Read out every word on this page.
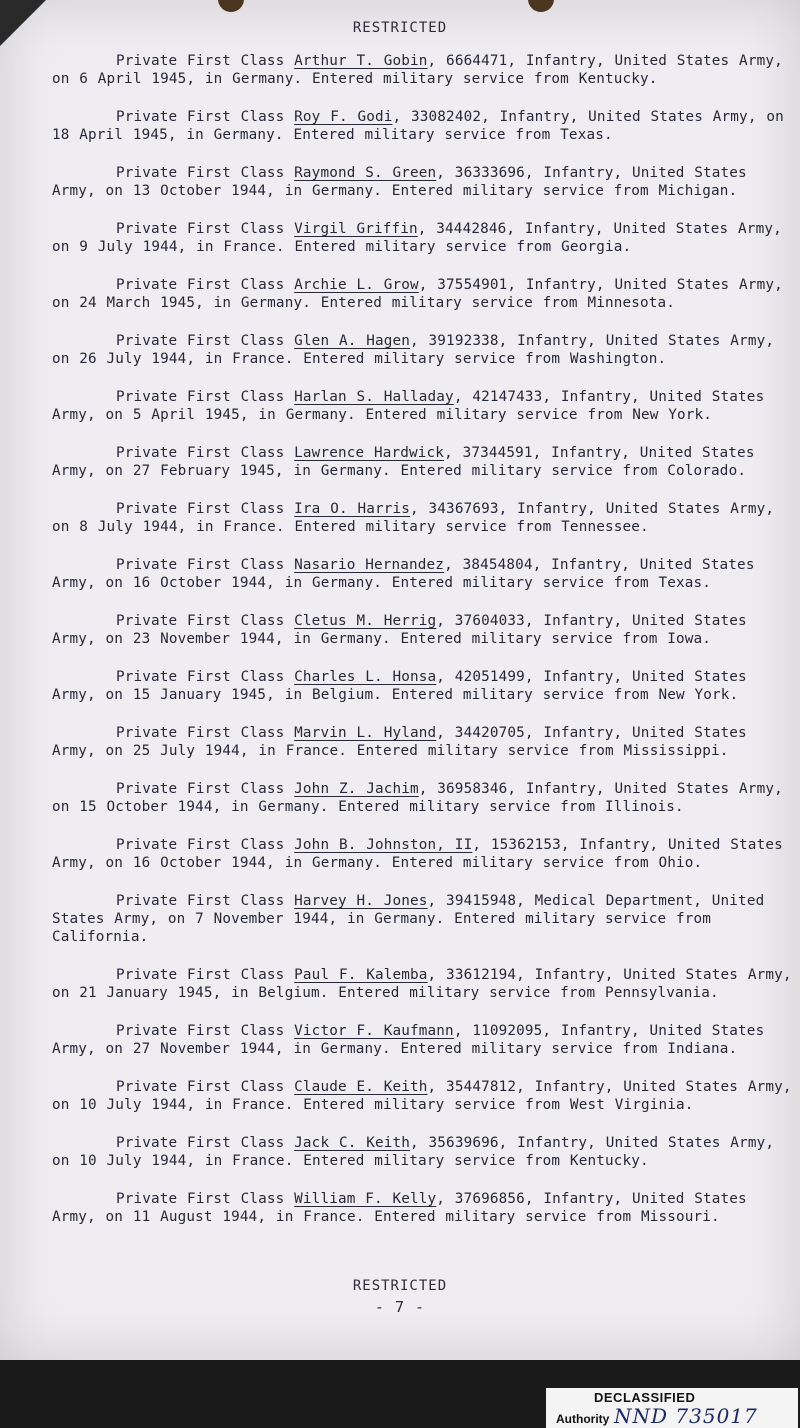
RESTRICTED
Private First Class Arthur T. Gobin, 6664471, Infantry, United States Army, on 6 April 1945, in Germany. Entered military service from Kentucky.
Private First Class Roy F. Godi, 33082402, Infantry, United States Army, on 18 April 1945, in Germany. Entered military service from Texas.
Private First Class Raymond S. Green, 36333696, Infantry, United States Army, on 13 October 1944, in Germany. Entered military service from Michigan.
Private First Class Virgil Griffin, 34442846, Infantry, United States Army, on 9 July 1944, in France. Entered military service from Georgia.
Private First Class Archie L. Grow, 37554901, Infantry, United States Army, on 24 March 1945, in Germany. Entered military service from Minnesota.
Private First Class Glen A. Hagen, 39192338, Infantry, United States Army, on 26 July 1944, in France. Entered military service from Washington.
Private First Class Harlan S. Halladay, 42147433, Infantry, United States Army, on 5 April 1945, in Germany. Entered military service from New York.
Private First Class Lawrence Hardwick, 37344591, Infantry, United States Army, on 27 February 1945, in Germany. Entered military service from Colorado.
Private First Class Ira O. Harris, 34367693, Infantry, United States Army, on 8 July 1944, in France. Entered military service from Tennessee.
Private First Class Nasario Hernandez, 38454804, Infantry, United States Army, on 16 October 1944, in Germany. Entered military service from Texas.
Private First Class Cletus M. Herrig, 37604033, Infantry, United States Army, on 23 November 1944, in Germany. Entered military service from Iowa.
Private First Class Charles L. Honsa, 42051499, Infantry, United States Army, on 15 January 1945, in Belgium. Entered military service from New York.
Private First Class Marvin L. Hyland, 34420705, Infantry, United States Army, on 25 July 1944, in France. Entered military service from Mississippi.
Private First Class John Z. Jachim, 36958346, Infantry, United States Army, on 15 October 1944, in Germany. Entered military service from Illinois.
Private First Class John B. Johnston, II, 15362153, Infantry, United States Army, on 16 October 1944, in Germany. Entered military service from Ohio.
Private First Class Harvey H. Jones, 39415948, Medical Department, United States Army, on 7 November 1944, in Germany. Entered military service from California.
Private First Class Paul F. Kalemba, 33612194, Infantry, United States Army, on 21 January 1945, in Belgium. Entered military service from Pennsylvania.
Private First Class Victor F. Kaufmann, 11092095, Infantry, United States Army, on 27 November 1944, in Germany. Entered military service from Indiana.
Private First Class Claude E. Keith, 35447812, Infantry, United States Army, on 10 July 1944, in France. Entered military service from West Virginia.
Private First Class Jack C. Keith, 35639696, Infantry, United States Army, on 10 July 1944, in France. Entered military service from Kentucky.
Private First Class William F. Kelly, 37696856, Infantry, United States Army, on 11 August 1944, in France. Entered military service from Missouri.
RESTRICTED
- 7 -
DECLASSIFIED
Authority NND 735017
